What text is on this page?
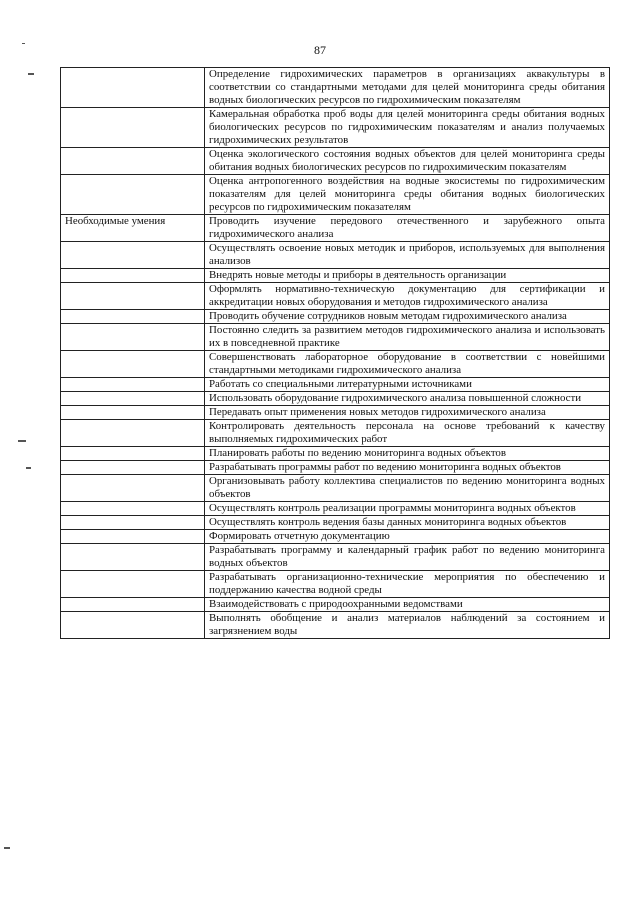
87
	Определение гидрохимических параметров в организациях аквакультуры в соответствии со стандартными методами для целей мониторинга среды обитания водных биологических ресурсов по гидрохимическим показателям
	Камеральная обработка проб воды для целей мониторинга среды обитания водных биологических ресурсов по гидрохимическим показателям и анализ получаемых гидрохимических результатов
	Оценка экологического состояния водных объектов для целей мониторинга среды обитания водных биологических ресурсов по гидрохимическим показателям
	Оценка антропогенного воздействия на водные экосистемы по гидрохимическим показателям для целей мониторинга среды обитания водных биологических ресурсов по гидрохимическим показателям
Необходимые умения	Проводить изучение передового отечественного и зарубежного опыта гидрохимического анализа
	Осуществлять освоение новых методик и приборов, используемых для выполнения анализов
	Внедрять новые методы и приборы в деятельность организации
	Оформлять нормативно-техническую документацию для сертификации и аккредитации новых оборудования и методов гидрохимического анализа
	Проводить обучение сотрудников новым методам гидрохимического анализа
	Постоянно следить за развитием методов гидрохимического анализа и использовать их в повседневной практике
	Совершенствовать лабораторное оборудование в соответствии с новейшими стандартными методиками гидрохимического анализа
	Работать со специальными литературными источниками
	Использовать оборудование гидрохимического анализа повышенной сложности
	Передавать опыт применения новых методов гидрохимического анализа
	Контролировать деятельность персонала на основе требований к качеству выполняемых гидрохимических работ
	Планировать работы по ведению мониторинга водных объектов
	Разрабатывать программы работ по ведению мониторинга водных объектов
	Организовывать работу коллектива специалистов по ведению мониторинга водных объектов
	Осуществлять контроль реализации программы мониторинга водных объектов
	Осуществлять контроль ведения базы данных мониторинга водных объектов
	Формировать отчетную документацию
	Разрабатывать программу и календарный график работ по ведению мониторинга водных объектов
	Разрабатывать организационно-технические мероприятия по обеспечению и поддержанию качества водной среды
	Взаимодействовать с природоохранными ведомствами
	Выполнять обобщение и анализ материалов наблюдений за состоянием и загрязнением воды
